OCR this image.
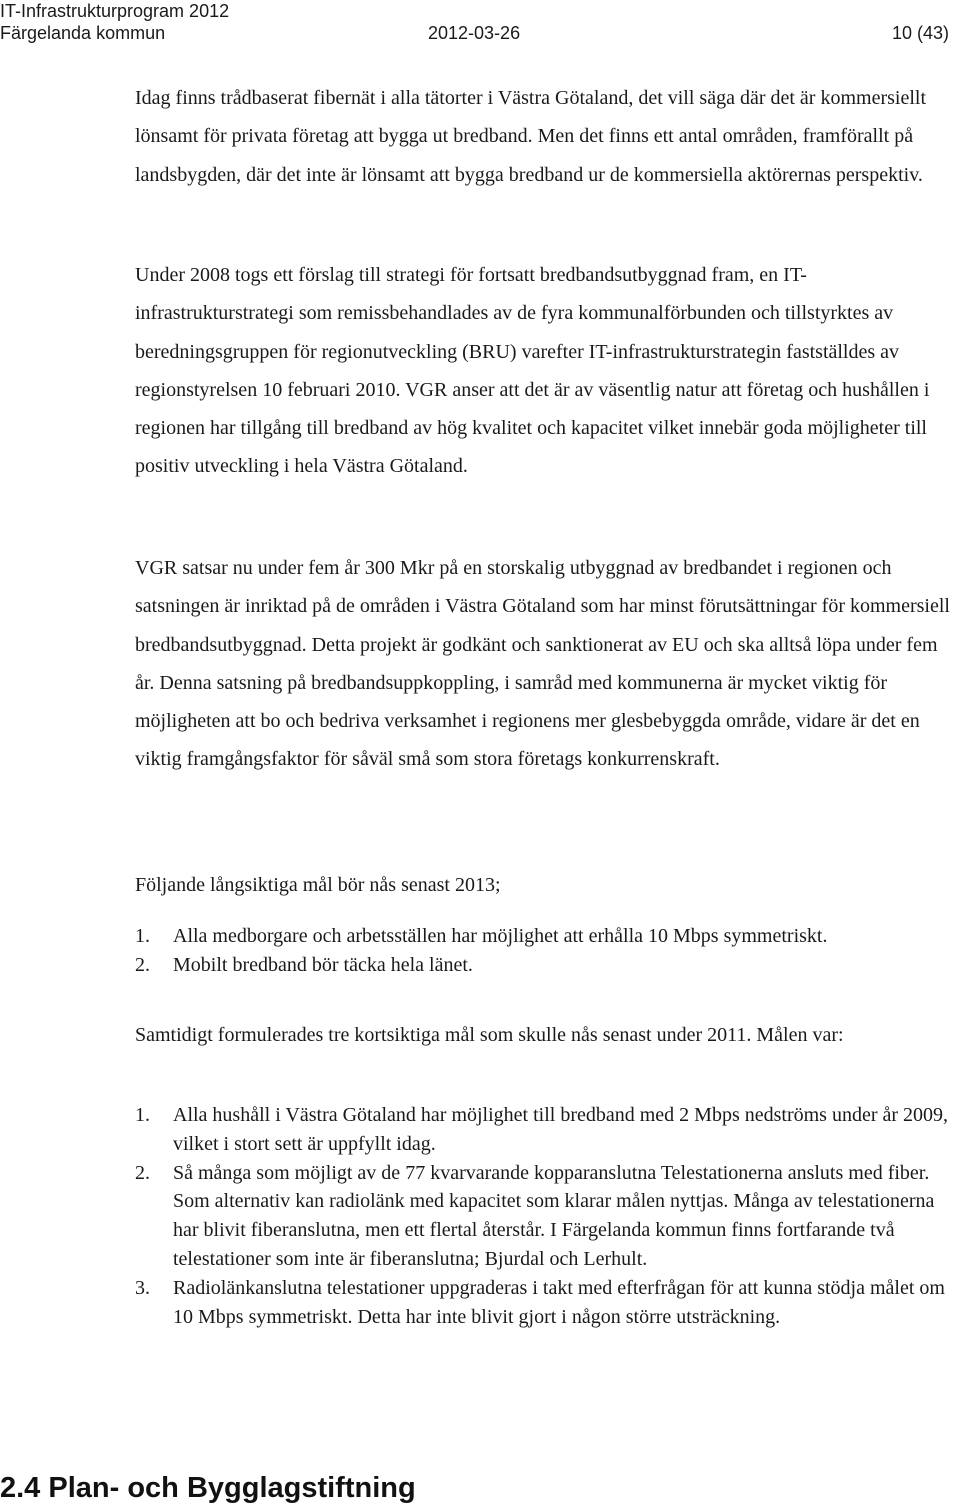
IT-Infrastrukturprogram 2012
Färgelanda kommun	2012-03-26	10 (43)

Idag finns trådbaserat fibernät i alla tätorter i Västra Götaland, det vill säga där det är kommersiellt lönsamt för privata företag att bygga ut bredband. Men det finns ett antal områden, framförallt på landsbygden, där det inte är lönsamt att bygga bredband ur de kommersiella aktörernas perspektiv.

Under 2008 togs ett förslag till strategi för fortsatt bredbandsutbyggnad fram, en IT-infrastrukturstrategi som remissbehandlades av de fyra kommunalförbunden och tillstyrktes av beredningsgruppen för regionutveckling (BRU) varefter IT-infrastrukturstrategin fastställdes av regionstyrelsen 10 februari 2010. VGR anser att det är av väsentlig natur att företag och hushållen i regionen har tillgång till bredband av hög kvalitet och kapacitet vilket innebär goda möjligheter till positiv utveckling i hela Västra Götaland.

VGR satsar nu under fem år 300 Mkr på en storskalig utbyggnad av bredbandet i regionen och satsningen är inriktad på de områden i Västra Götaland som har minst förutsättningar för kommersiell bredbandsutbyggnad. Detta projekt är godkänt och sanktionerat av EU och ska alltså löpa under fem år. Denna satsning på bredbandsuppkoppling, i samråd med kommunerna är mycket viktig för möjligheten att bo och bedriva verksamhet i regionens mer glesbebyggda område, vidare är det en viktig framgångsfaktor för såväl små som stora företags konkurrenskraft.

Följande långsiktiga mål bör nås senast 2013;

1. Alla medborgare och arbetsställen har möjlighet att erhålla 10 Mbps symmetriskt.
2. Mobilt bredband bör täcka hela länet.

Samtidigt formulerades tre kortsiktiga mål som skulle nås senast under 2011. Målen var:

1. Alla hushåll i Västra Götaland har möjlighet till bredband med 2 Mbps nedströms under år 2009, vilket i stort sett är uppfyllt idag.
2. Så många som möjligt av de 77 kvarvarande kopparanslutna Telestationerna ansluts med fiber. Som alternativ kan radiolänk med kapacitet som klarar målen nyttjas. Många av telestationerna har blivit fiberanslutna, men ett flertal återstår. I Färgelanda kommun finns fortfarande två telestationer som inte är fiberanslutna; Bjurdal och Lerhult.
3. Radiolänkanslutna telestationer uppgraderas i takt med efterfrågan för att kunna stödja målet om 10 Mbps symmetriskt. Detta har inte blivit gjort i någon större utsträckning.
2.4 Plan- och Bygglagstiftning
